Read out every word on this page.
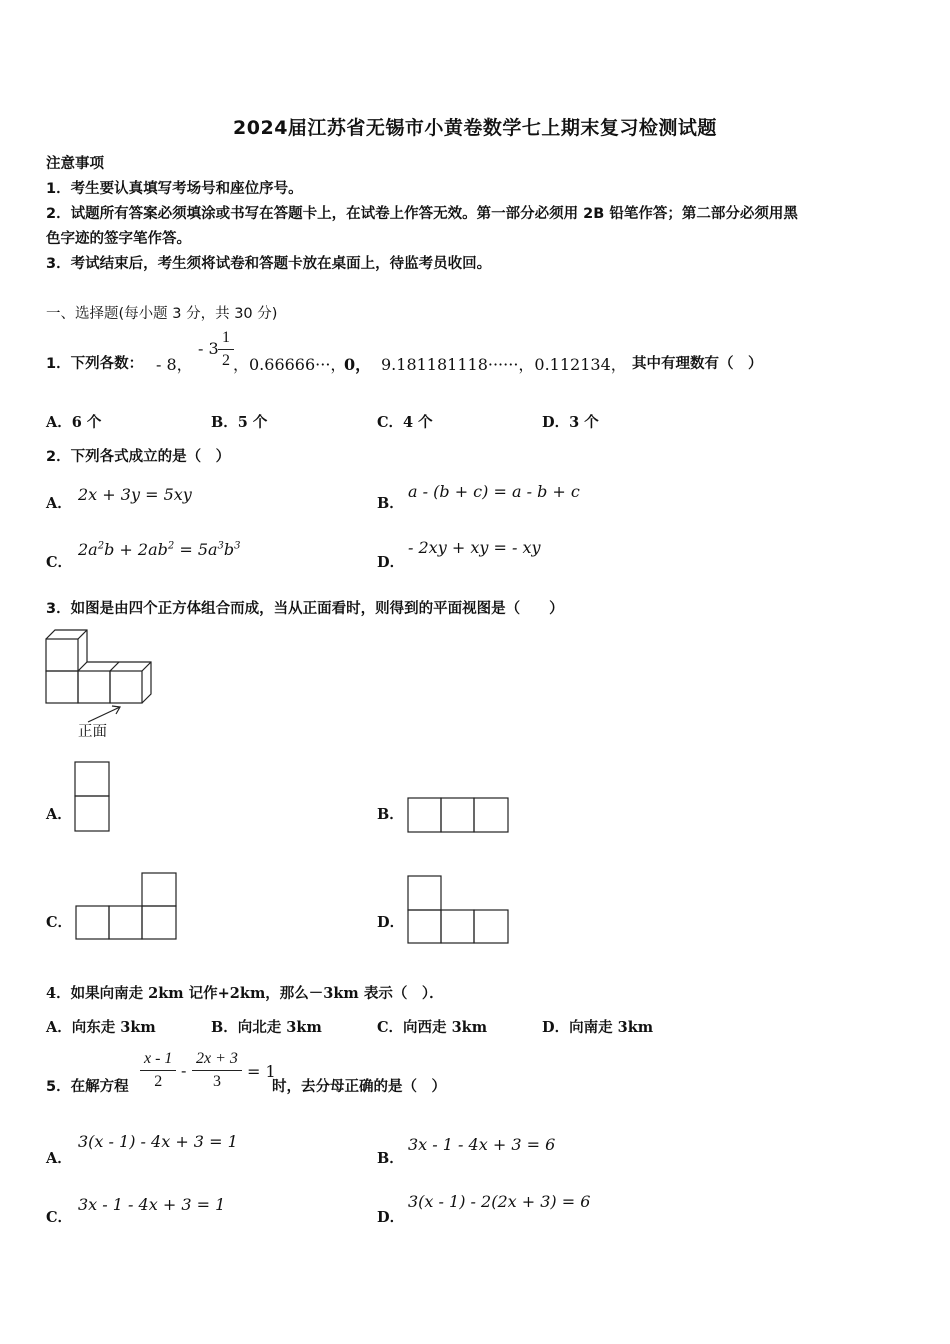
2024届江苏省无锡市小黄卷数学七上期末复习检测试题
注意事项
1．考生要认真填写考场号和座位序号。
2．试题所有答案必须填涂或书写在答题卡上，在试卷上作答无效。第一部分必须用 2B 铅笔作答；第二部分必须用黑
色字迹的签字笔作答。
3．考试结束后，考生须将试卷和答题卡放在桌面上，待监考员收回。
一、选择题(每小题 3 分，共 30 分)
1．下列各数： - 8，
- $3 \frac{1}{2}$ ，0.66666···，
0， 9.181181118······，0.112134， 其中有理数有（　）
A．6 个	B．5 个	C．4 个	D．3 个
2．下列各式成立的是（　）
A． 2x + 3y = 5xy	B．
a - (b + c) = a - b + c
C．
$2a^2b + 2ab^2 = 5a^3b^3$
D．
- 2xy + xy = - xy
3．如图是由四个正方体组合而成，当从正面看时，则得到的平面视图是（　　）
正面
A．	B．
C．	D．
4．如果向南走 2km 记作+2km，那么－3km 表示（　）．
A．向东走 3km	B．向北走 3km	C．向西走 3km	D．向南走 3km
5．在解方程 $\frac{x - 1}{2} - \frac{2x + 3}{3} = 1$
时，去分母正确的是（　）
A．
3(x - 1) - 4x + 3 = 1
B．
3x - 1 - 4x + 3 = 6
C．
3x - 1 - 4x + 3 = 1
D．
3(x - 1) - 2(2x + 3) = 6
